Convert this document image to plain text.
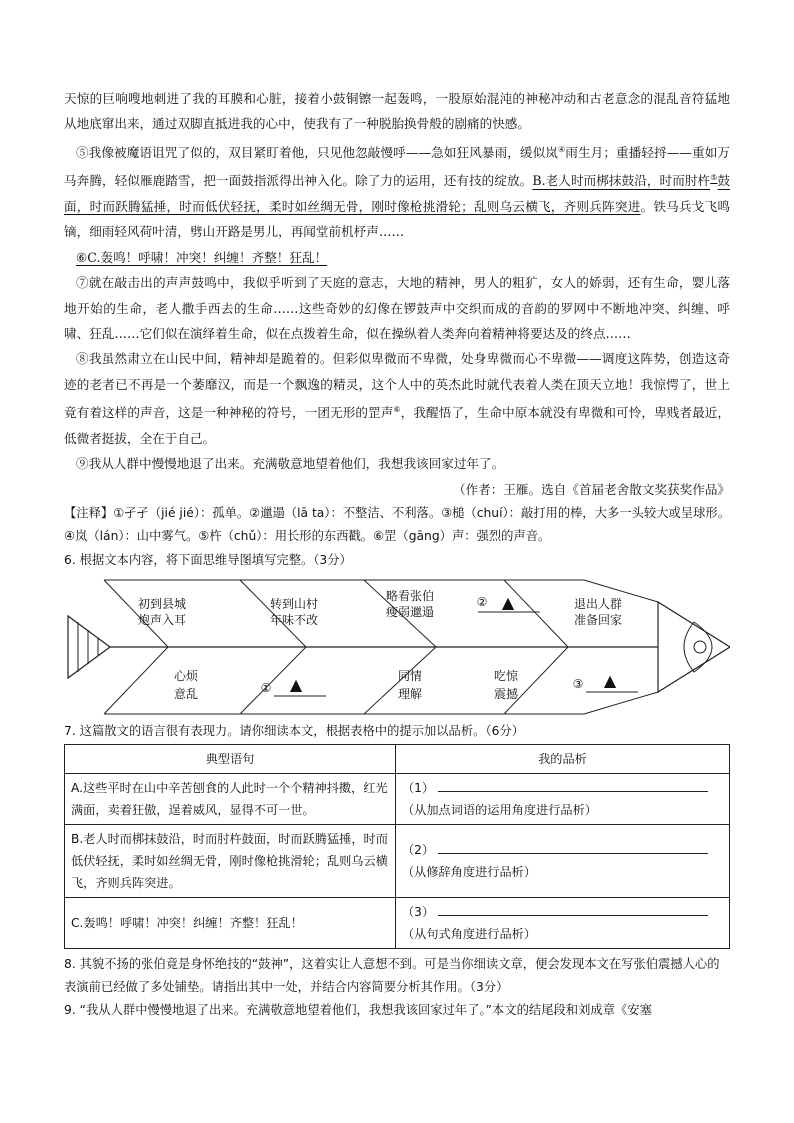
天惊的巨响嗖地刺进了我的耳膜和心脏，接着小鼓铜镲一起轰鸣，一股原始混沌的神秘冲动和古老意念的混乱音符猛地从地底窜出来，通过双脚直抵进我的心中，使我有了一种脱胎换骨般的剧痛的快感。

⑤我像被魔语诅咒了似的，双目紧盯着他，只见他忽敲慢呼——急如狂风暴雨，缓似岚④雨生月；重播轻捋——重如万马奔腾，轻似雁鹿踏雪，把一面鼓指派得出神入化。除了力的运用，还有技的绽放。B.老人时而梆抹鼓沿，时而肘杵⑤鼓面，时而跃腾猛捶，时而低伏轻抚，柔时如丝绸无骨，刚时像枪挑滑轮；乱则乌云横飞，齐则兵阵突进。铁马兵戈飞鸣镝，细雨轻风荷叶清，劈山开路是男儿，再闻堂前机杼声……

⑥C.轰鸣！呼啸！冲突！纠缠！齐整！狂乱！

⑦就在敲击出的声声鼓鸣中，我似乎听到了天庭的意志，大地的精神，男人的粗犷，女人的娇弱，还有生命，婴儿落地开始的生命，老人撒手西去的生命……这些奇妙的幻像在锣鼓声中交织而成的音韵的罗网中不断地冲突、纠缠、呼啸、狂乱……它们似在演绎着生命，似在点拨着生命，似在操纵着人类奔向着精神将要达及的终点……

⑧我虽然肃立在山民中间，精神却是跪着的。但彩似卑微而不卑微，处身卑微而心不卑微——调度这阵势，创造这奇迹的老者已不再是一个萎靡汉，而是一个飘逸的精灵，这个人中的英杰此时就代表着人类在顶天立地！我惊愕了，世上竟有着这样的声音，这是一种神秘的符号，一团无形的罡声⑥，我醒悟了，生命中原本就没有卑微和可怜，卑贱者最近，低微者挺拔，全在于自己。

⑨我从人群中慢慢地退了出来。充满敬意地望着他们，我想我该回家过年了。

（作者：王雁。选自《首届老舍散文奖获奖作品》

【注释】①孑孑（jié jié）：孤单。②邋遢（lā ta）：不整洁、不利落。③槌（chuí）：敲打用的棒，大多一头较大或呈球形。④岚（lán）：山中雾气。⑤杵（chǔ）：用长形的东西戳。⑥罡（gāng）声：强烈的声音。

6. 根据文本内容，将下面思维导图填写完整。（3分）

初到县城
炮声入耳
转到山村
年味不改
略看张伯
瘦弱邋遢
② ▲	退出人群
准备回家
心烦
意乱	① ▲	同情
理解
吃惊
震撼
③ ▲

7. 这篇散文的语言很有表现力。请你细读本文，根据表格中的提示加以品析。（6分）

典型语句	我的品析
A.这些平时在山中辛苦刨食的人此时一个个精神抖擞，红光满面，卖着狂傲，逞着威风，显得不可一世。	（1）
（从加点词语的运用角度进行品析）

B.老人时而梆抹鼓沿，时而肘杵鼓面，时而跃腾猛捶，时而低伏轻抚，柔时如丝绸无骨，刚时像枪挑滑轮；乱则乌云横飞，齐则兵阵突进。	（2）
（从修辞角度进行品析）

C.轰鸣！呼啸！冲突！纠缠！齐整！狂乱！	（3）
（从句式角度进行品析）

8. 其貌不扬的张伯竟是身怀绝技的“鼓神”，这着实让人意想不到。可是当你细读文章，便会发现本文在写张伯震撼人心的表演前已经做了多处铺垫。请指出其中一处，并结合内容简要分析其作用。（3分）

9. “我从人群中慢慢地退了出来。充满敬意地望着他们，我想我该回家过年了。”本文的结尾段和刘成章《安塞
